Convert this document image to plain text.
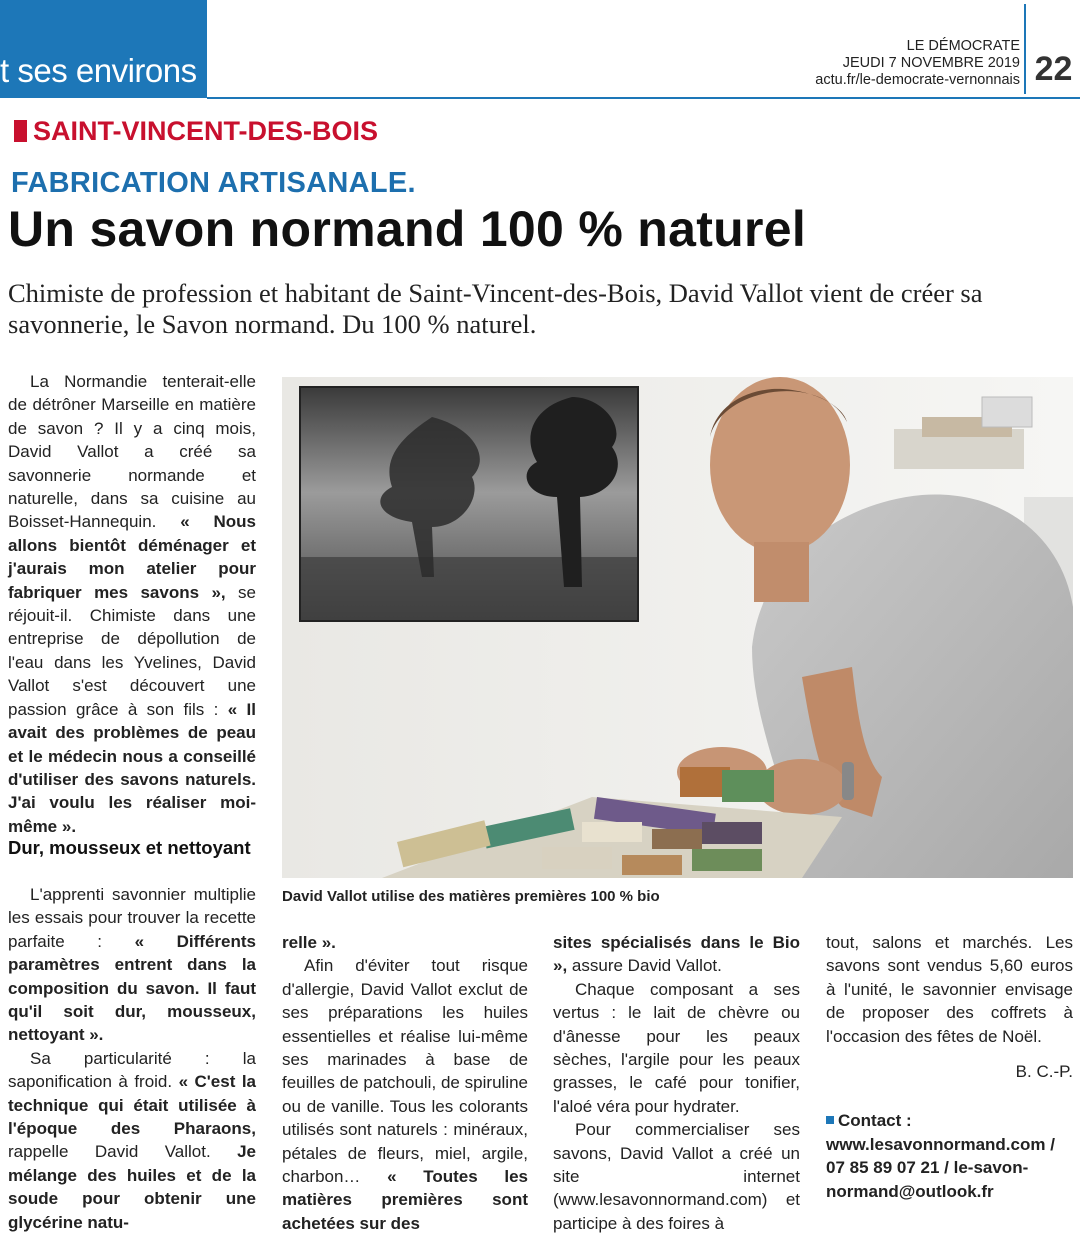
t ses environs
LE DÉMOCRATE
JEUDI 7 NOVEMBRE 2019
actu.fr/le-democrate-vernonnais 22
SAINT-VINCENT-DES-BOIS
FABRICATION ARTISANALE.
Un savon normand 100 % naturel
Chimiste de profession et habitant de Saint-Vincent-des-Bois, David Vallot vient de créer sa savonnerie, le Savon normand. Du 100 % naturel.
David Vallot utilise des matières premières 100 % bio

La Normandie tenterait-elle de détrôner Marseille en matière de savon ? Il y a cinq mois, David Vallot a créé sa savonnerie normande et naturelle, dans sa cuisine au Boisset-Hannequin. « Nous allons bientôt déménager et j'aurais mon atelier pour fabriquer mes savons », se réjouit-il. Chimiste dans une entreprise de dépollution de l'eau dans les Yvelines, David Vallot s'est découvert une passion grâce à son fils : « Il avait des problèmes de peau et le médecin nous a conseillé d'utiliser des savons naturels. J'ai voulu les réaliser moi-même ».

Dur, mousseux et nettoyant

L'apprenti savonnier multiplie les essais pour trouver la recette parfaite : « Différents paramètres entrent dans la composition du savon. Il faut qu'il soit dur, mousseux, nettoyant ».

Sa particularité : la saponification à froid. « C'est la technique qui était utilisée à l'époque des Pharaons, rappelle David Vallot. Je mélange des huiles et de la soude pour obtenir une glycérine natu-

relle ».

Afin d'éviter tout risque d'allergie, David Vallot exclut de ses préparations les huiles essentielles et réalise lui-même ses marinades à base de feuilles de patchouli, de spiruline ou de vanille. Tous les colorants utilisés sont naturels : minéraux, pétales de fleurs, miel, argile, charbon… « Toutes les matières premières sont achetées sur des

sites spécialisés dans le Bio », assure David Vallot.

Chaque composant a ses vertus : le lait de chèvre ou d'ânesse pour les peaux sèches, l'argile pour les peaux grasses, le café pour tonifier, l'aloé véra pour hydrater.

Pour commercialiser ses savons, David Vallot a créé un site internet (www.lesavonnormand.com) et participe à des foires à

tout, salons et marchés. Les savons sont vendus 5,60 euros à l'unité, le savonnier envisage de proposer des coffrets à l'occasion des fêtes de Noël.

B. C.-P.

Contact : www.lesavonnormand.com / 07 85 89 07 21 / le-savon-normand@outlook.fr
